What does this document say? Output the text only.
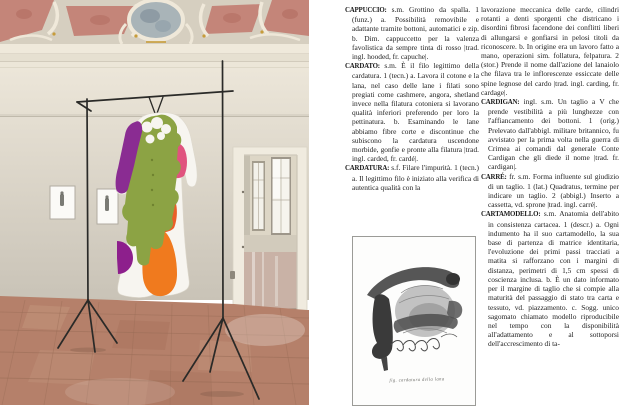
CAPPUCCIO: s.m. Grottino da spalla. 1 (funz.) a. Possibilità removibile e adattante tramite bottoni, automatici e zip. b. Dim. cappuccetto per la valenza favolistica da sempre tinta di rosso |trad. ingl. hooded, fr. capuche|.

CARDATO: s.m. È il filo legittimo della cardatura. 1 (tecn.) a. Lavora il cotone e la lana, nel caso delle lane i filati sono pregiati come cashmere, angora, shetland invece nella filatura cotoniera si lavorano qualità inferiori preferendo per loro la pettinatura. b. Esaminando le lane abbiamo fibre corte e discontinue che subiscono la cardatura uscendone morbide, gonfie e pronte alla filatura |trad. ingl. carded, fr. cardé|.

CARDATURA: s.f. Filare l'impurità. 1 (tecn.) a. Il legittimo filo è iniziato alla verifica di autentica qualità con la

fig. cardatura della lana

lavorazione meccanica delle carde, cilindri rotanti a denti sporgenti che districano i disordini fibrosi facendone dei conflitti liberi di allungarsi e gonfiarsi in pelosi titoli da riconoscere. b. In origine era un lavoro fatto a mano, operazioni sim. follatura, felpatura. 2 (stor.) Prende il nome dall'azione del lanaiolo che filava tra le inflorescenze essiccate delle spine legnose del cardo |trad. ingl. carding, fr. cardage|.

CARDIGAN: ingl. s.m. Un taglio a V che prende vestibilità a più lunghezze con l'affiancamento dei bottoni. 1 (orig.) Prelevato dall'abbigl. militare britannico, fu avvistato per la prima volta nella guerra di Crimea ai comandi dal generale Conte Cardigan che gli diede il nome |trad. fr. cardigan|.

CARRÉ: fr. s.m. Forma influente sul giudizio di un taglio. 1 (lat.) Quadratus, termine per indicare un taglio. 2 (abbigl.) Inserto a cassetta, vd. sprone |trad. ingl. carré|.

CARTAMODELLO: s.m. Anatomia dell'abito in consistenza cartacea. 1 (descr.) a. Ogni indumento ha il suo cartamodello, la sua base di partenza di matrice identitaria, l'evoluzione dei primi passi tracciati a matita si rafforzano con i margini di distanza, perimetri di 1,5 cm spessi di coscienza inclusa. b. È un dato informato per il margine di taglio che si compie alla maturità del passaggio di stato tra carta e tessuto, vd. piazzamento. c. Sogg. unico sagomato chiamato modello riproducibile nel tempo con la disponibilità all'adattamento e al sottoporsi dell'accrescimento di ta-
